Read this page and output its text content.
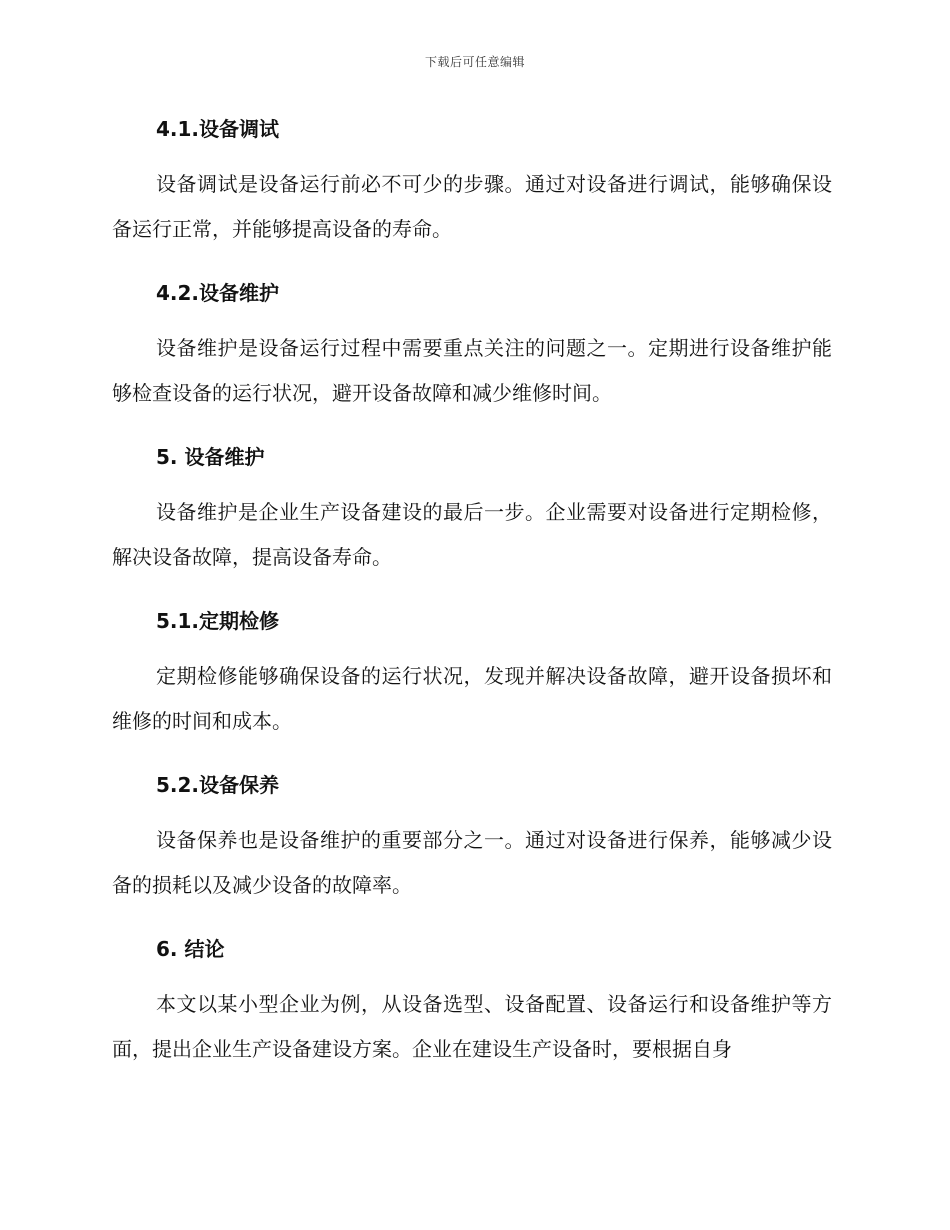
下载后可任意编辑
4.1.设备调试

设备调试是设备运行前必不可少的步骤。通过对设备进行调试，能够确保设备运行正常，并能够提高设备的寿命。

4.2.设备维护

设备维护是设备运行过程中需要重点关注的问题之一。定期进行设备维护能够检查设备的运行状况，避开设备故障和减少维修时间。

5. 设备维护

设备维护是企业生产设备建设的最后一步。企业需要对设备进行定期检修，解决设备故障，提高设备寿命。

5.1.定期检修

定期检修能够确保设备的运行状况，发现并解决设备故障，避开设备损坏和维修的时间和成本。

5.2.设备保养

设备保养也是设备维护的重要部分之一。通过对设备进行保养，能够减少设备的损耗以及减少设备的故障率。

6. 结论

本文以某小型企业为例，从设备选型、设备配置、设备运行和设备维护等方面，提出企业生产设备建设方案。企业在建设生产设备时，要根据自身
